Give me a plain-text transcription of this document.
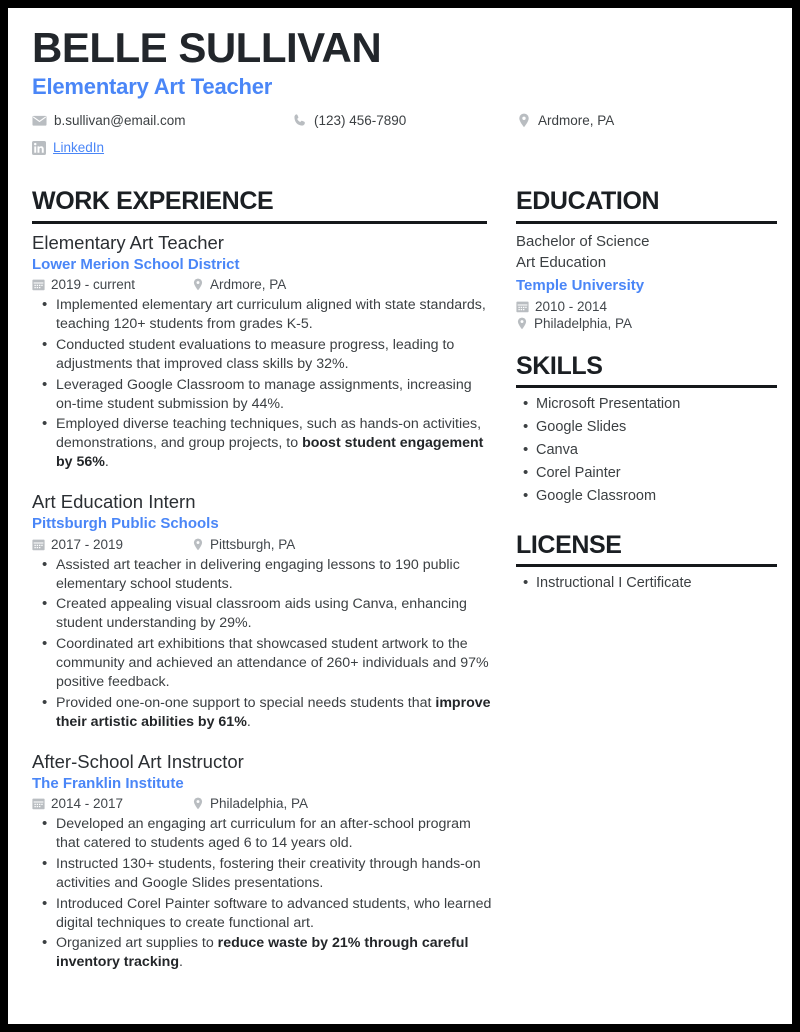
BELLE SULLIVAN
Elementary Art Teacher
b.sullivan@email.com	(123) 456-7890	Ardmore, PA
LinkedIn
WORK EXPERIENCE
Elementary Art Teacher
Lower Merion School District
2019 - current	Ardmore, PA
• Implemented elementary art curriculum aligned with state standards, teaching 120+ students from grades K-5.
• Conducted student evaluations to measure progress, leading to adjustments that improved class skills by 32%.
• Leveraged Google Classroom to manage assignments, increasing on-time student submission by 44%.
• Employed diverse teaching techniques, such as hands-on activities, demonstrations, and group projects, to boost student engagement by 56%.
Art Education Intern
Pittsburgh Public Schools
2017 - 2019	Pittsburgh, PA
• Assisted art teacher in delivering engaging lessons to 190 public elementary school students.
• Created appealing visual classroom aids using Canva, enhancing student understanding by 29%.
• Coordinated art exhibitions that showcased student artwork to the community and achieved an attendance of 260+ individuals and 97% positive feedback.
• Provided one-on-one support to special needs students that improve their artistic abilities by 61%.
After-School Art Instructor
The Franklin Institute
2014 - 2017	Philadelphia, PA
• Developed an engaging art curriculum for an after-school program that catered to students aged 6 to 14 years old.
• Instructed 130+ students, fostering their creativity through hands-on activities and Google Slides presentations.
• Introduced Corel Painter software to advanced students, who learned digital techniques to create functional art.
• Organized art supplies to reduce waste by 21% through careful inventory tracking.
EDUCATION
Bachelor of Science
Art Education
Temple University
2010 - 2014
Philadelphia, PA
SKILLS
• Microsoft Presentation
• Google Slides
• Canva
• Corel Painter
• Google Classroom
LICENSE
• Instructional I Certificate
